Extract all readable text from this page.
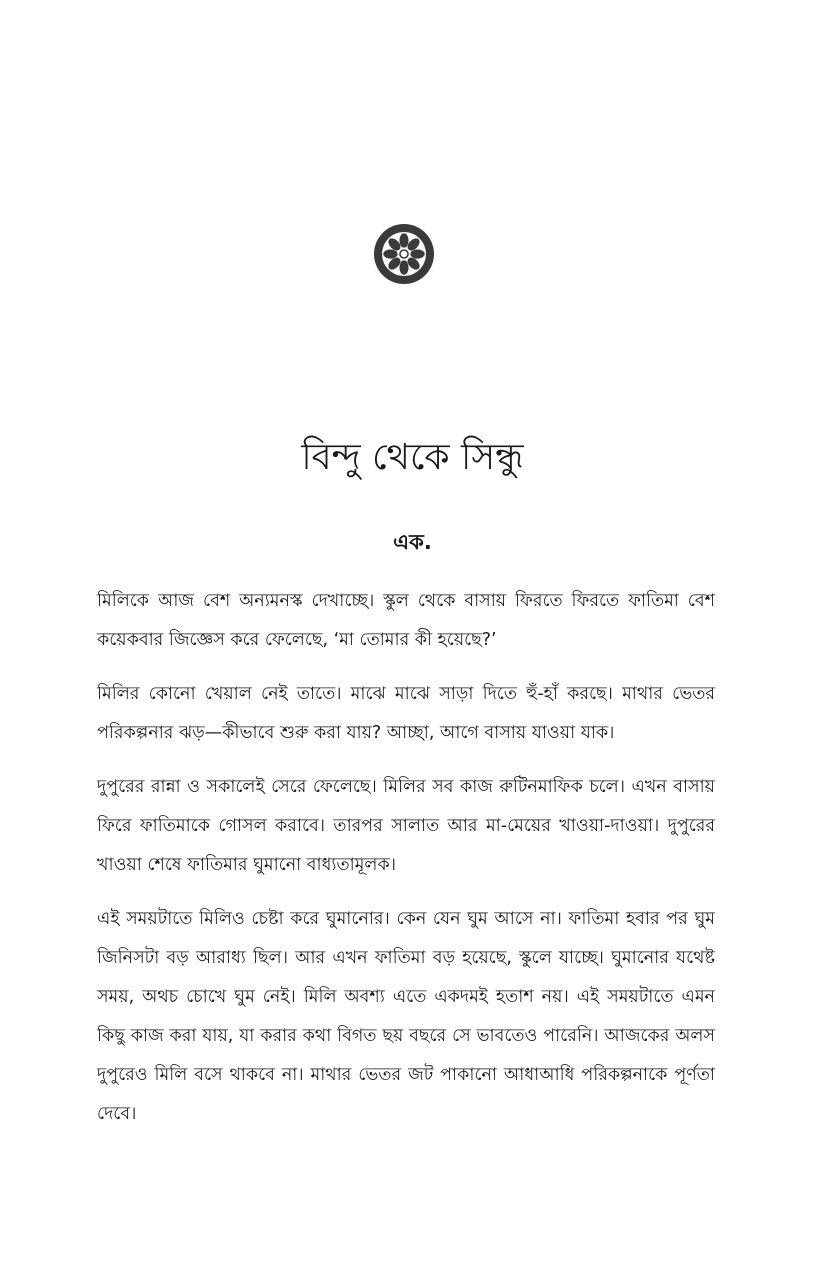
বিন্দু থেকে সিন্ধু
এক.

মিলিকে আজ বেশ অন্যমনস্ক দেখাচ্ছে। স্কুল থেকে বাসায় ফিরতে ফিরতে ফাতিমা বেশ কয়েকবার জিজ্ঞেস করে ফেলেছে, ‘মা তোমার কী হয়েছে?’

মিলির কোনো খেয়াল নেই তাতে। মাঝে মাঝে সাড়া দিতে হুঁ-হাঁ করছে। মাথার ভেতর পরিকল্পনার ঝড়—কীভাবে শুরু করা যায়? আচ্ছা, আগে বাসায় যাওয়া যাক।

দুপুরের রান্না ও সকালেই সেরে ফেলেছে। মিলির সব কাজ রুটিনমাফিক চলে। এখন বাসায় ফিরে ফাতিমাকে গোসল করাবে। তারপর সালাত আর মা-মেয়ের খাওয়া-দাওয়া। দুপুরের খাওয়া শেষে ফাতিমার ঘুমানো বাধ্যতামূলক।

এই সময়টাতে মিলিও চেষ্টা করে ঘুমানোর। কেন যেন ঘুম আসে না। ফাতিমা হবার পর ঘুম জিনিসটা বড় আরাধ্য ছিল। আর এখন ফাতিমা বড় হয়েছে, স্কুলে যাচ্ছে। ঘুমানোর যথেষ্ট সময়, অথচ চোখে ঘুম নেই। মিলি অবশ্য এতে একদমই হতাশ নয়। এই সময়টাতে এমন কিছু কাজ করা যায়, যা করার কথা বিগত ছয় বছরে সে ভাবতেও পারেনি। আজকের অলস দুপুরেও মিলি বসে থাকবে না। মাথার ভেতর জট পাকানো আধাআধি পরিকল্পনাকে পূর্ণতা দেবে।
